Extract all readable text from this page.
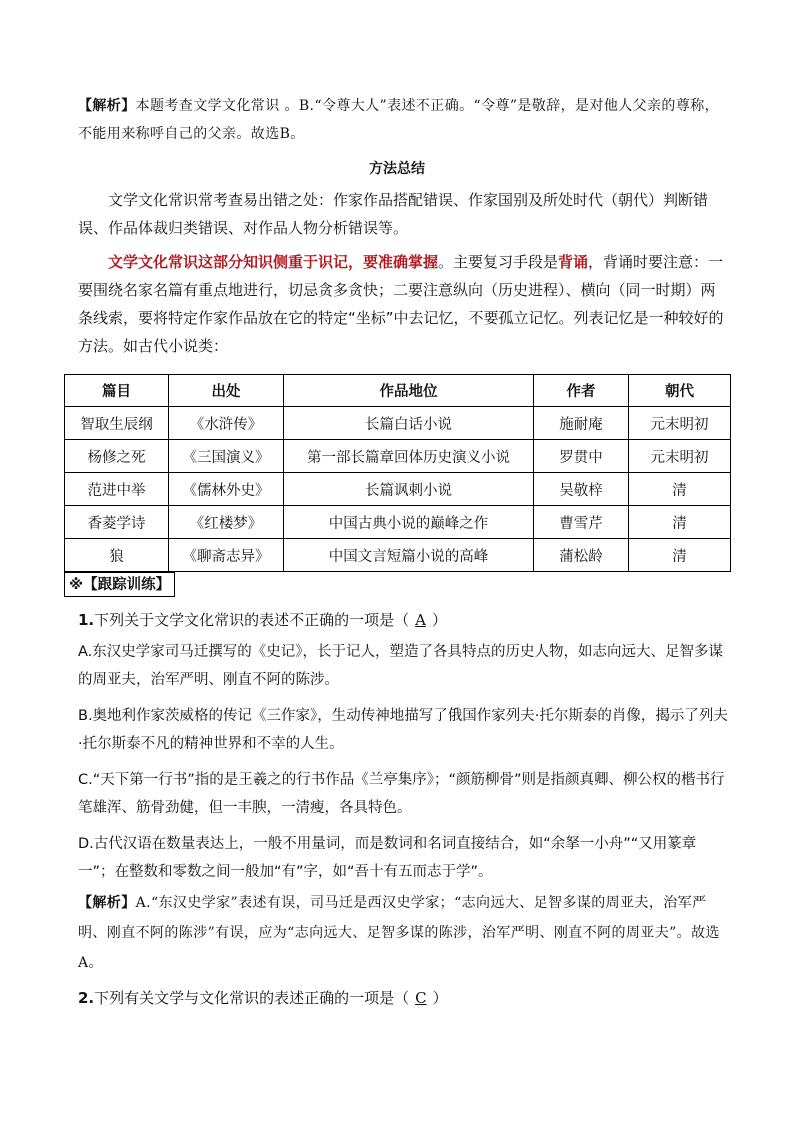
【解析】本题考查文学文化常识 。B.“令尊大人”表述不正确。“令尊”是敬辞，是对他人父亲的尊称，不能用来称呼自己的父亲。故选B。
方法总结
文学文化常识常考查易出错之处：作家作品搭配错误、作家国别及所处时代（朝代）判断错误、作品体裁归类错误、对作品人物分析错误等。
文学文化常识这部分知识侧重于识记，要准确掌握。主要复习手段是背诵，背诵时要注意：一要围绕名家名篇有重点地进行，切忌贪多贪快；二要注意纵向（历史进程）、横向（同一时期）两条线索，要将特定作家作品放在它的特定“坐标”中去记忆，不要孤立记忆。列表记忆是一种较好的方法。如古代小说类：
篇目	出处	作品地位	作者	朝代
智取生辰纲	《水浒传》	长篇白话小说	施耐庵	元末明初
杨修之死	《三国演义》	第一部长篇章回体历史演义小说	罗贯中	元末明初
范进中举	《儒林外史》	长篇讽刺小说	吴敬梓	清
香菱学诗	《红楼梦》	中国古典小说的巅峰之作	曹雪芹	清
狼	《聊斋志异》	中国文言短篇小说的高峰	蒲松龄	清
※【跟踪训练】
1.下列关于文学文化常识的表述不正确的一项是（ A ）
A.东汉史学家司马迁撰写的《史记》，长于记人，塑造了各具特点的历史人物，如志向远大、足智多谋的周亚夫，治军严明、刚直不阿的陈涉。
B.奥地利作家茨威格的传记《三作家》，生动传神地描写了俄国作家列夫·托尔斯泰的肖像，揭示了列夫·托尔斯泰不凡的精神世界和不幸的人生。
C.“天下第一行书”指的是王羲之的行书作品《兰亭集序》；“颜筋柳骨”则是指颜真卿、柳公权的楷书行笔雄浑、筋骨劲健，但一丰腴，一清瘦，各具特色。
D.古代汉语在数量表达上，一般不用量词，而是数词和名词直接结合，如“余拏一小舟”“又用篆章一”；在整数和零数之间一般加“有”字，如“吾十有五而志于学”。
【解析】A.“东汉史学家”表述有误，司马迁是西汉史学家；“志向远大、足智多谋的周亚夫，治军严明、刚直不阿的陈涉”有误，应为“志向远大、足智多谋的陈涉，治军严明、刚直不阿的周亚夫”。故选A。
2.下列有关文学与文化常识的表述正确的一项是（ C ）
